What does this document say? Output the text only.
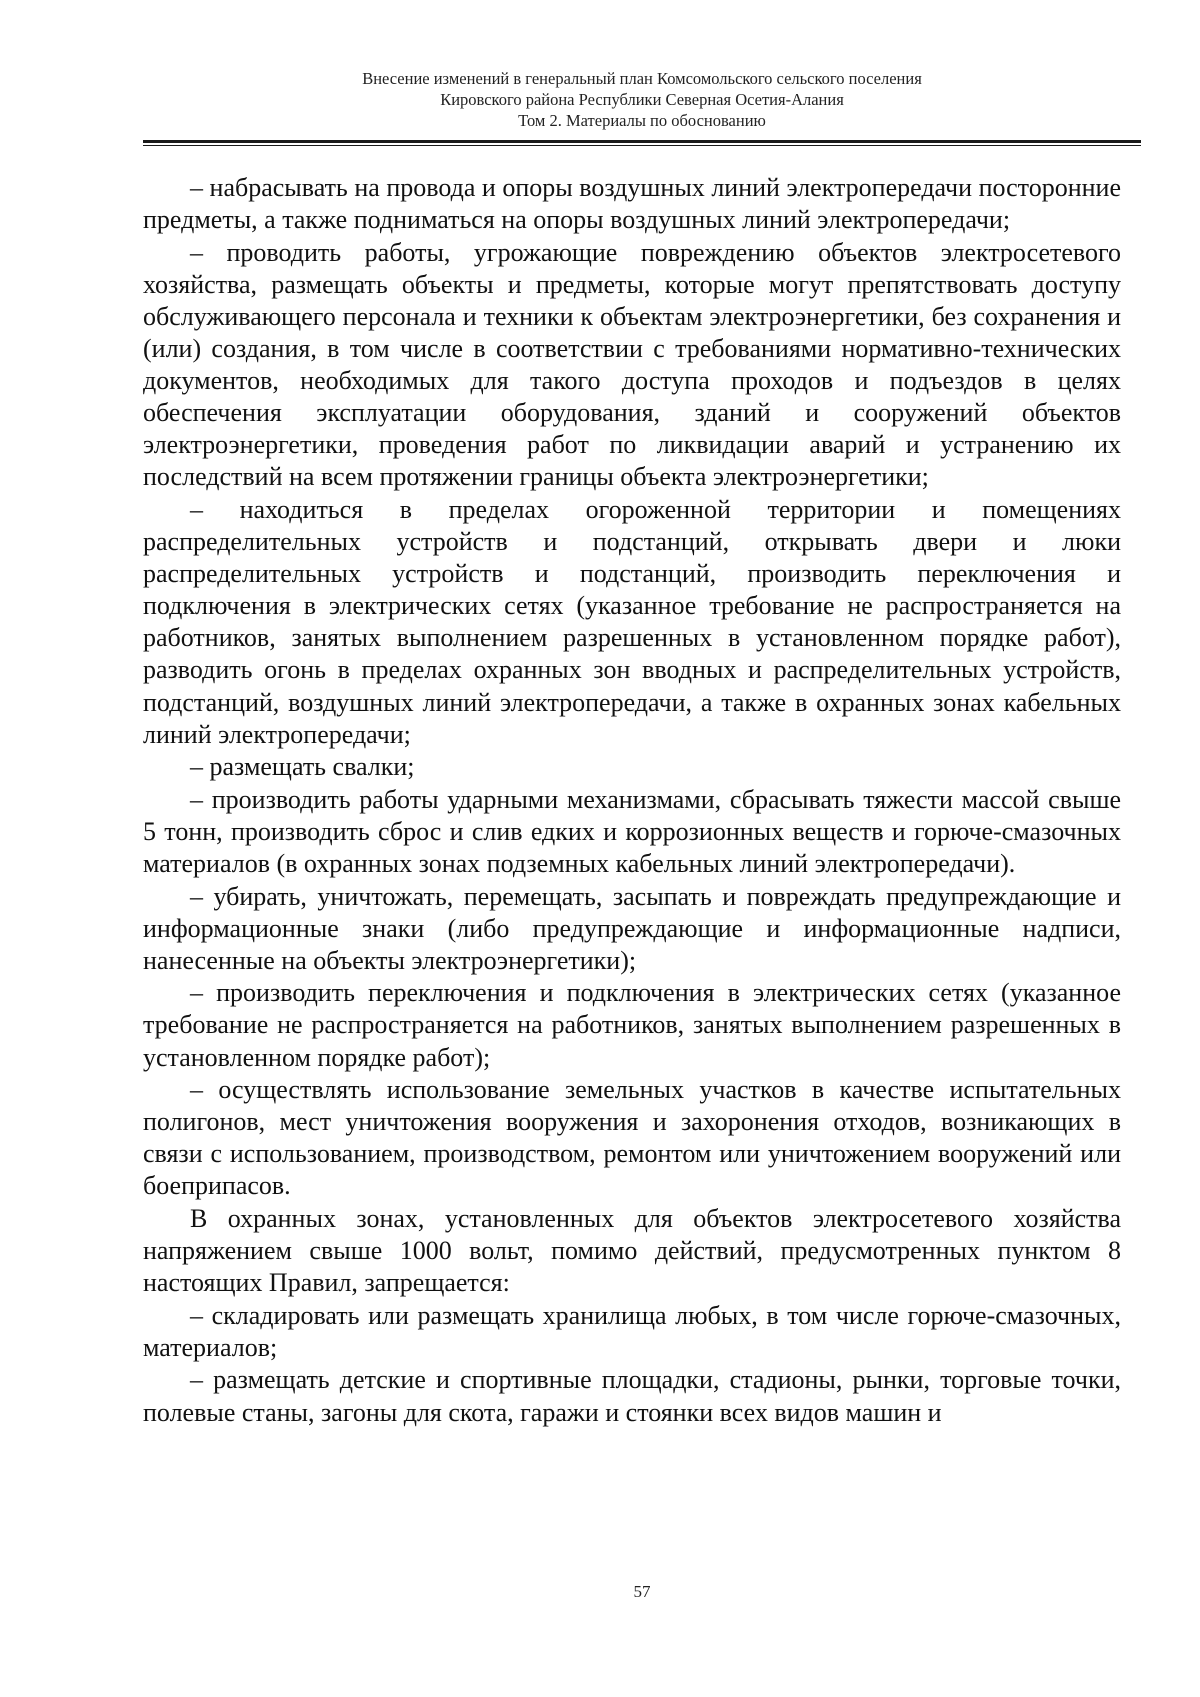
Внесение изменений в генеральный план Комсомольского сельского поселения
Кировского района Республики Северная Осетия-Алания
Том 2. Материалы по обоснованию

– набрасывать на провода и опоры воздушных линий электропередачи посторонние предметы, а также подниматься на опоры воздушных линий электропередачи;

– проводить работы, угрожающие повреждению объектов электросетевого хозяйства, размещать объекты и предметы, которые могут препятствовать доступу обслуживающего персонала и техники к объектам электроэнергетики, без сохранения и (или) создания, в том числе в соответствии с требованиями нормативно-технических документов, необходимых для такого доступа проходов и подъездов в целях обеспечения эксплуатации оборудования, зданий и сооружений объектов электроэнергетики, проведения работ по ликвидации аварий и устранению их последствий на всем протяжении границы объекта электроэнергетики;

– находиться в пределах огороженной территории и помещениях распределительных устройств и подстанций, открывать двери и люки распределительных устройств и подстанций, производить переключения и подключения в электрических сетях (указанное требование не распространяется на работников, занятых выполнением разрешенных в установленном порядке работ), разводить огонь в пределах охранных зон вводных и распределительных устройств, подстанций, воздушных линий электропередачи, а также в охранных зонах кабельных линий электропередачи;

– размещать свалки;

– производить работы ударными механизмами, сбрасывать тяжести массой свыше 5 тонн, производить сброс и слив едких и коррозионных веществ и горюче-смазочных материалов (в охранных зонах подземных кабельных линий электропередачи).

– убирать, уничтожать, перемещать, засыпать и повреждать предупреждающие и информационные знаки (либо предупреждающие и информационные надписи, нанесенные на объекты электроэнергетики);

– производить переключения и подключения в электрических сетях (указанное требование не распространяется на работников, занятых выполнением разрешенных в установленном порядке работ);

– осуществлять использование земельных участков в качестве испытательных полигонов, мест уничтожения вооружения и захоронения отходов, возникающих в связи с использованием, производством, ремонтом или уничтожением вооружений или боеприпасов.

В охранных зонах, установленных для объектов электросетевого хозяйства напряжением свыше 1000 вольт, помимо действий, предусмотренных пунктом 8 настоящих Правил, запрещается:

– складировать или размещать хранилища любых, в том числе горюче-смазочных, материалов;

– размещать детские и спортивные площадки, стадионы, рынки, торговые точки, полевые станы, загоны для скота, гаражи и стоянки всех видов машин и

57
